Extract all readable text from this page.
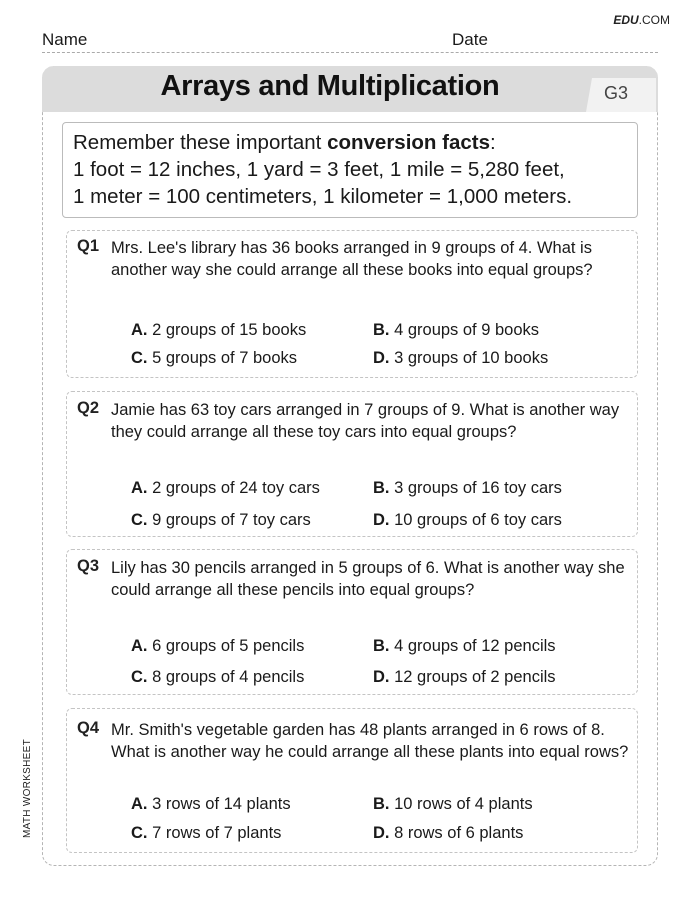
EDU.COM
Name	Date
MATH WORKSHEET
Arrays and Multiplication	G3
Remember these important conversion facts:
1 foot = 12 inches, 1 yard = 3 feet, 1 mile = 5,280 feet,
1 meter = 100 centimeters, 1 kilometer = 1,000 meters.
Q1 Mrs. Lee's library has 36 books arranged in 9 groups of 4. What is another way she could arrange all these books into equal groups?
A. 2 groups of 15 books	B. 4 groups of 9 books
C. 5 groups of 7 books	D. 3 groups of 10 books
Q2 Jamie has 63 toy cars arranged in 7 groups of 9. What is another way they could arrange all these toy cars into equal groups?
A. 2 groups of 24 toy cars	B. 3 groups of 16 toy cars
C. 9 groups of 7 toy cars	D. 10 groups of 6 toy cars
Q3 Lily has 30 pencils arranged in 5 groups of 6. What is another way she could arrange all these pencils into equal groups?
A. 6 groups of 5 pencils	B. 4 groups of 12 pencils
C. 8 groups of 4 pencils	D. 12 groups of 2 pencils
Q4 Mr. Smith's vegetable garden has 48 plants arranged in 6 rows of 8. What is another way he could arrange all these plants into equal rows?
A. 3 rows of 14 plants	B. 10 rows of 4 plants
C. 7 rows of 7 plants	D. 8 rows of 6 plants
